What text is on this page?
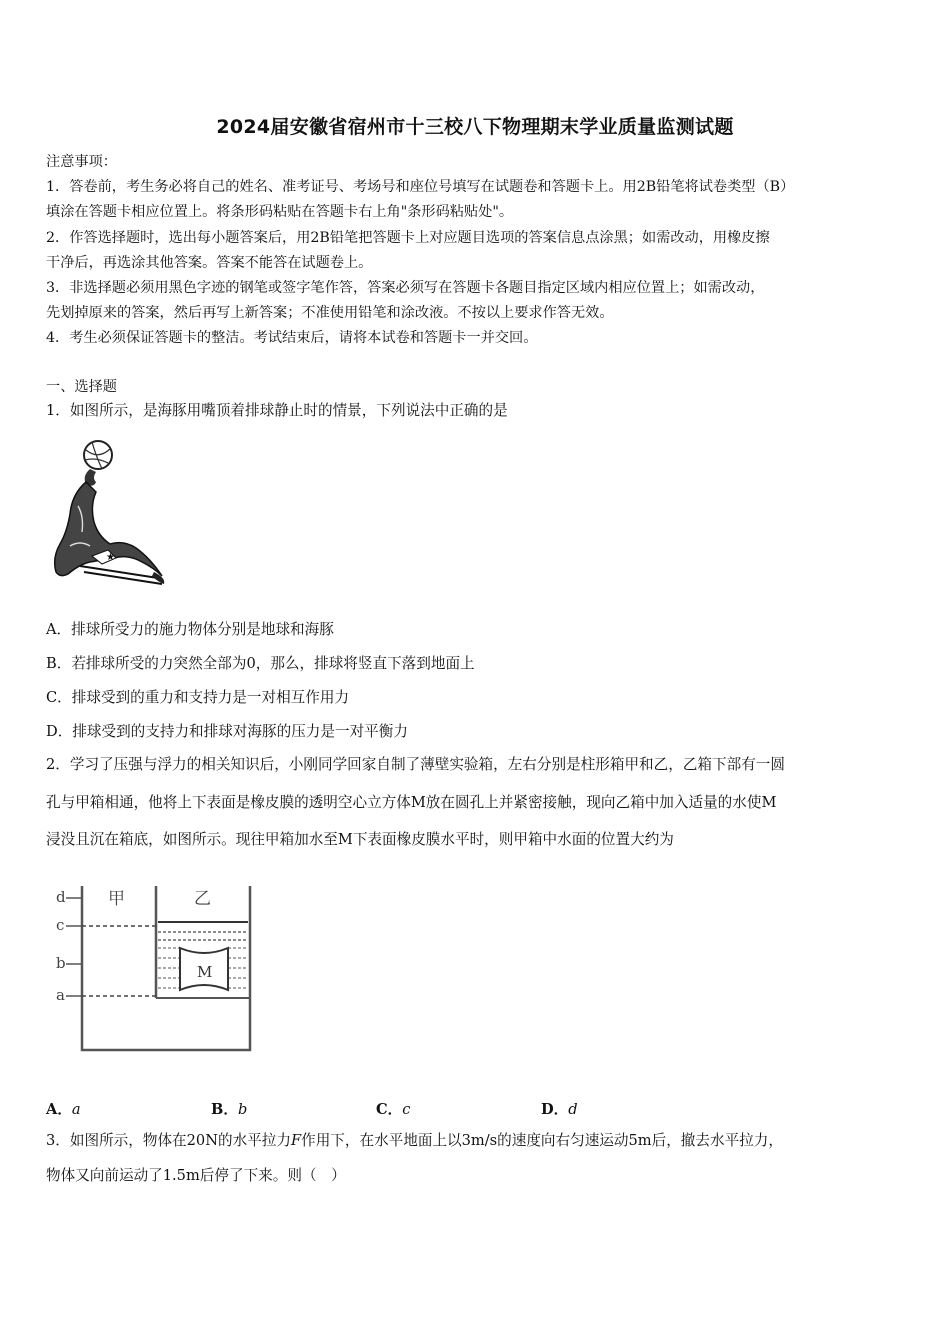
2024届安徽省宿州市十三校八下物理期末学业质量监测试题
注意事项：
1．答卷前，考生务必将自己的姓名、准考证号、考场号和座位号填写在试题卷和答题卡上。用2B铅笔将试卷类型（B）
填涂在答题卡相应位置上。将条形码粘贴在答题卡右上角"条形码粘贴处"。
2．作答选择题时，选出每小题答案后，用2B铅笔把答题卡上对应题目选项的答案信息点涂黑；如需改动，用橡皮擦
干净后，再选涂其他答案。答案不能答在试题卷上。
3．非选择题必须用黑色字迹的钢笔或签字笔作答，答案必须写在答题卡各题目指定区域内相应位置上；如需改动，
先划掉原来的答案，然后再写上新答案；不准使用铅笔和涂改液。不按以上要求作答无效。
4．考生必须保证答题卡的整洁。考试结束后，请将本试卷和答题卡一并交回。
一、选择题
1．如图所示，是海豚用嘴顶着排球静止时的情景，下列说法中正确的是
★
A．排球所受力的施力物体分别是地球和海豚
B．若排球所受的力突然全部为0，那么，排球将竖直下落到地面上
C．排球受到的重力和支持力是一对相互作用力
D．排球受到的支持力和排球对海豚的压力是一对平衡力
2．学习了压强与浮力的相关知识后，小刚同学回家自制了薄壁实验箱，左右分别是柱形箱甲和乙，乙箱下部有一圆
孔与甲箱相通，他将上下表面是橡皮膜的透明空心立方体M放在圆孔上并紧密接触，现向乙箱中加入适量的水使M
浸没且沉在箱底，如图所示。现往甲箱加水至M下表面橡皮膜水平时，则甲箱中水面的位置大约为
M
d
c
b
a
甲	乙
A．a	B．b	C．c	D．d
3．如图所示，物体在20N的水平拉力F作用下，在水平地面上以3m/s的速度向右匀速运动5m后，撤去水平拉力，
物体又向前运动了1.5m后停了下来。则（　）
